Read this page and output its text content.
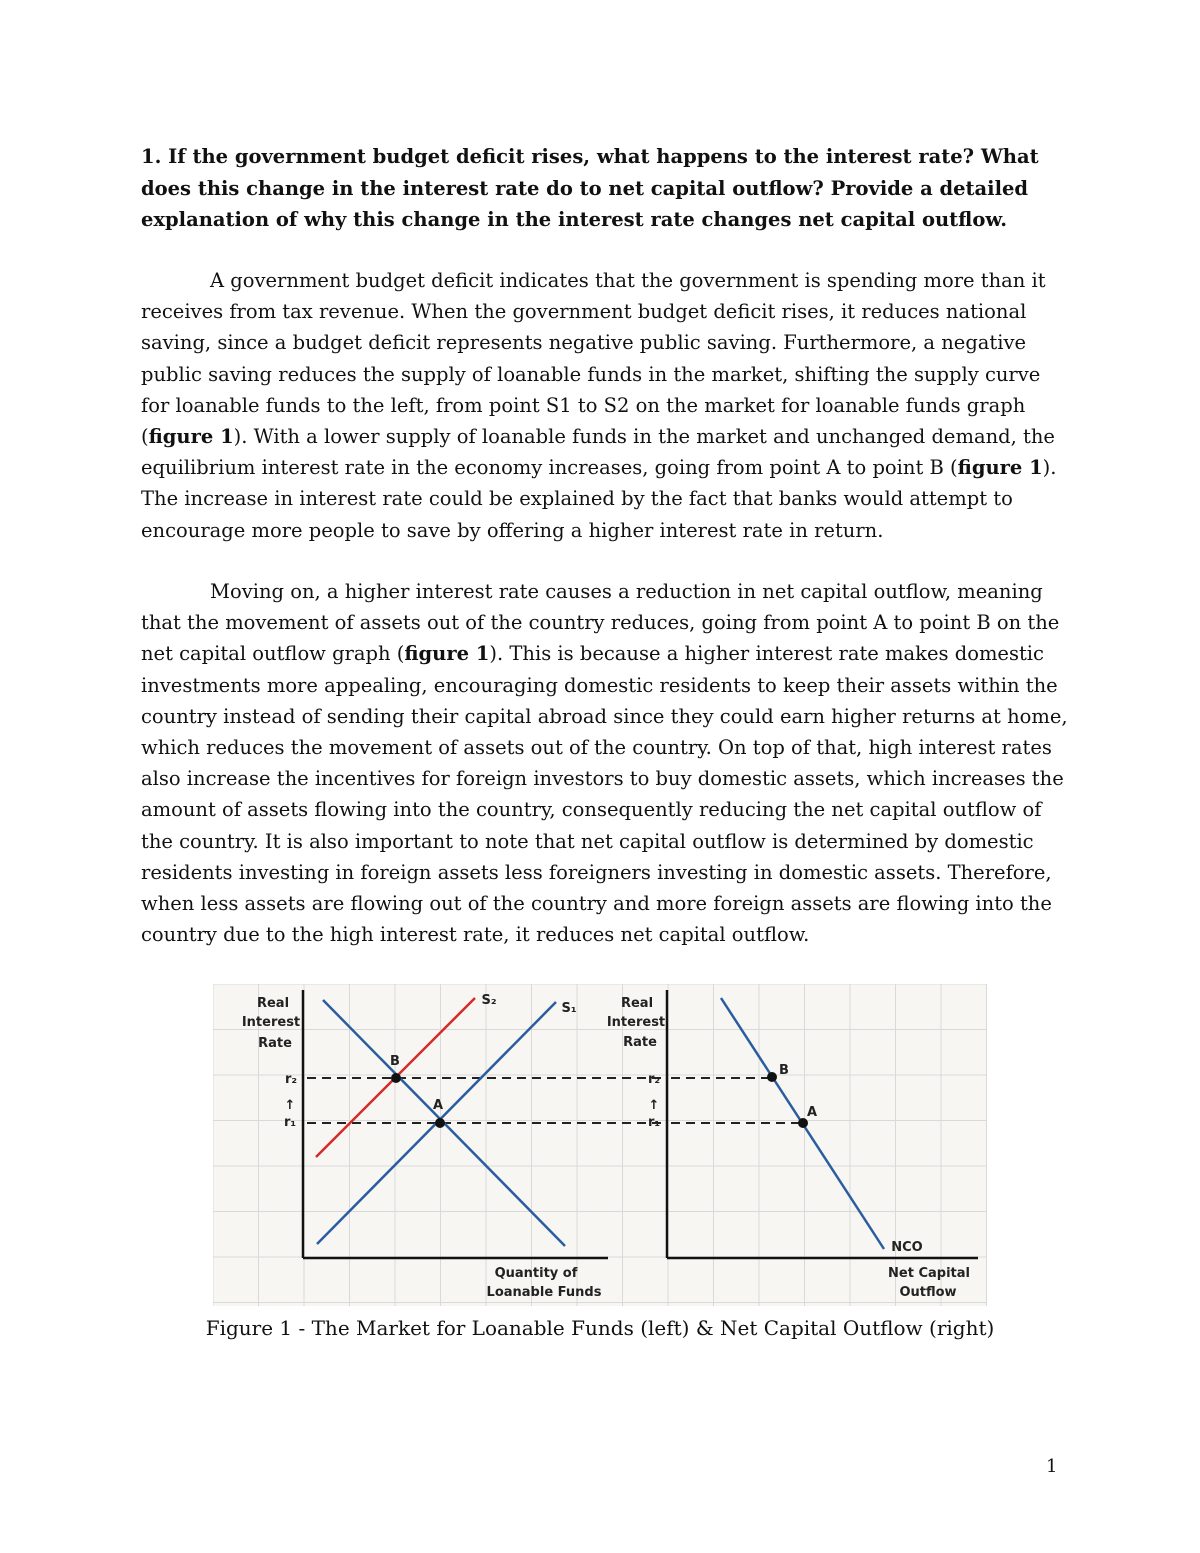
1. If the government budget deficit rises, what happens to the interest rate? What does this change in the interest rate do to net capital outflow? Provide a detailed explanation of why this change in the interest rate changes net capital outflow.

A government budget deficit indicates that the government is spending more than it receives from tax revenue. When the government budget deficit rises, it reduces national saving, since a budget deficit represents negative public saving. Furthermore, a negative public saving reduces the supply of loanable funds in the market, shifting the supply curve for loanable funds to the left, from point S1 to S2 on the market for loanable funds graph (figure 1). With a lower supply of loanable funds in the market and unchanged demand, the equilibrium interest rate in the economy increases, going from point A to point B (figure 1). The increase in interest rate could be explained by the fact that banks would attempt to encourage more people to save by offering a higher interest rate in return.

Moving on, a higher interest rate causes a reduction in net capital outflow, meaning that the movement of assets out of the country reduces, going from point A to point B on the net capital outflow graph (figure 1). This is because a higher interest rate makes domestic investments more appealing, encouraging domestic residents to keep their assets within the country instead of sending their capital abroad since they could earn higher returns at home, which reduces the movement of assets out of the country. On top of that, high interest rates also increase the incentives for foreign investors to buy domestic assets, which increases the amount of assets flowing into the country, consequently reducing the net capital outflow of the country. It is also important to note that net capital outflow is determined by domestic residents investing in foreign assets less foreigners investing in domestic assets. Therefore, when less assets are flowing out of the country and more foreign assets are flowing into the country due to the high interest rate, it reduces net capital outflow.

Real
Interest
Rate
r₂
↑
r₁
B
A
S₂
S₁
Quantity of
Loanable Funds
Real
Interest
Rate
r₂
↑
r₁
B
A
NCO
Net Capital
Outflow
Figure 1 - The Market for Loanable Funds (left) & Net Capital Outflow (right)
1
